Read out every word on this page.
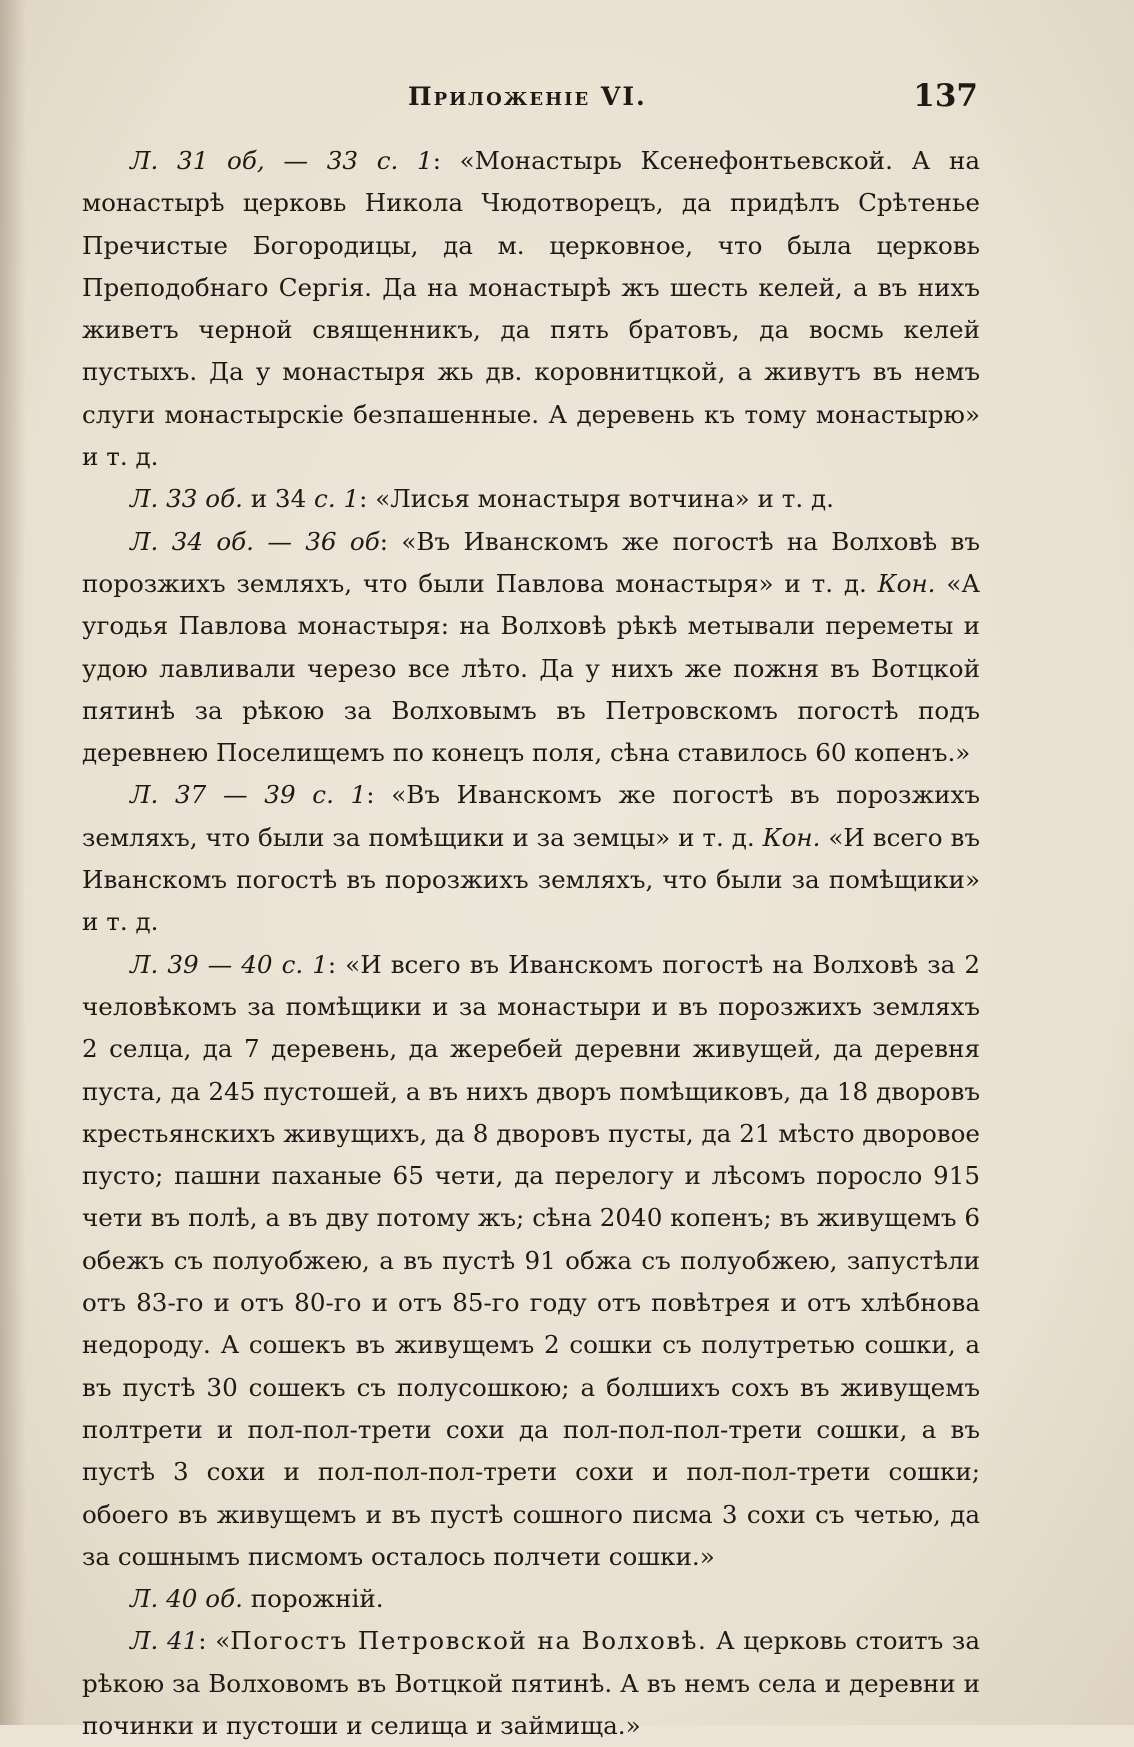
Приложеніе VI.	137

Л. 31 об, — 33 с. 1: «Монастырь Ксенефонтьевской. А на монастырѣ церковь Никола Чюдотворецъ, да придѣлъ Срѣтенье Пречистые Богородицы, да м. церковное, что была церковь Преподобнаго Сергія. Да на монастырѣ жъ шесть келей, а въ нихъ живетъ черной священникъ, да пять братовъ, да восмь келей пустыхъ. Да у монастыря жь дв. коровнитцкой, а живутъ въ немъ слуги монастырскіе безпашенные. А деревень къ тому монастырю» и т. д.

Л. 33 об. и 34 с. 1: «Лисья монастыря вотчина» и т. д.

Л. 34 об. — 36 об: «Въ Иванскомъ же погостѣ на Волховѣ въ порозжихъ земляхъ, что были Павлова монастыря» и т. д. Кон. «А угодья Павлова монастыря: на Волховѣ рѣкѣ метывали переметы и удою лавливали черезо все лѣто. Да у нихъ же пожня въ Вотцкой пятинѣ за рѣкою за Волховымъ въ Петровскомъ погостѣ подъ деревнею Поселищемъ по конецъ поля, сѣна ставилось 60 копенъ.»

Л. 37 — 39 с. 1: «Въ Иванскомъ же погостѣ въ порозжихъ земляхъ, что были за помѣщики и за земцы» и т. д. Кон. «И всего въ Иванскомъ погостѣ въ порозжихъ земляхъ, что были за помѣщики» и т. д.

Л. 39 — 40 с. 1: «И всего въ Иванскомъ погостѣ на Волховѣ за 2 человѣкомъ за помѣщики и за монастыри и въ порозжихъ земляхъ 2 селца, да 7 деревень, да жеребей деревни живущей, да деревня пуста, да 245 пустошей, а въ нихъ дворъ помѣщиковъ, да 18 дворовъ крестьянскихъ живущихъ, да 8 дворовъ пусты, да 21 мѣсто дворовое пусто; пашни паханые 65 чети, да перелогу и лѣсомъ поросло 915 чети въ полѣ, а въ дву потому жъ; сѣна 2040 копенъ; въ живущемъ 6 обежъ съ полуобжею, а въ пустѣ 91 обжа съ полуобжею, запустѣли отъ 83-го и отъ 80-го и отъ 85-го году отъ повѣтрея и отъ хлѣбнова недороду. А сошекъ въ живущемъ 2 сошки съ полутретью сошки, а въ пустѣ 30 сошекъ съ полусошкою; а болшихъ сохъ въ живущемъ полтрети и пол-пол-трети сохи да пол-пол-пол-трети сошки, а въ пустѣ 3 сохи и пол-пол-пол-трети сохи и пол-пол-трети сошки; обоего въ живущемъ и въ пустѣ сошного писма 3 сохи съ четью, да за сошнымъ писмомъ осталось полчети сошки.»

Л. 40 об. порожній.

Л. 41: «Погостъ Петровской на Волховѣ. А церковь стоитъ за рѣкою за Волховомъ въ Вотцкой пятинѣ. А въ немъ села и деревни и починки и пустоши и селища и займища.»
